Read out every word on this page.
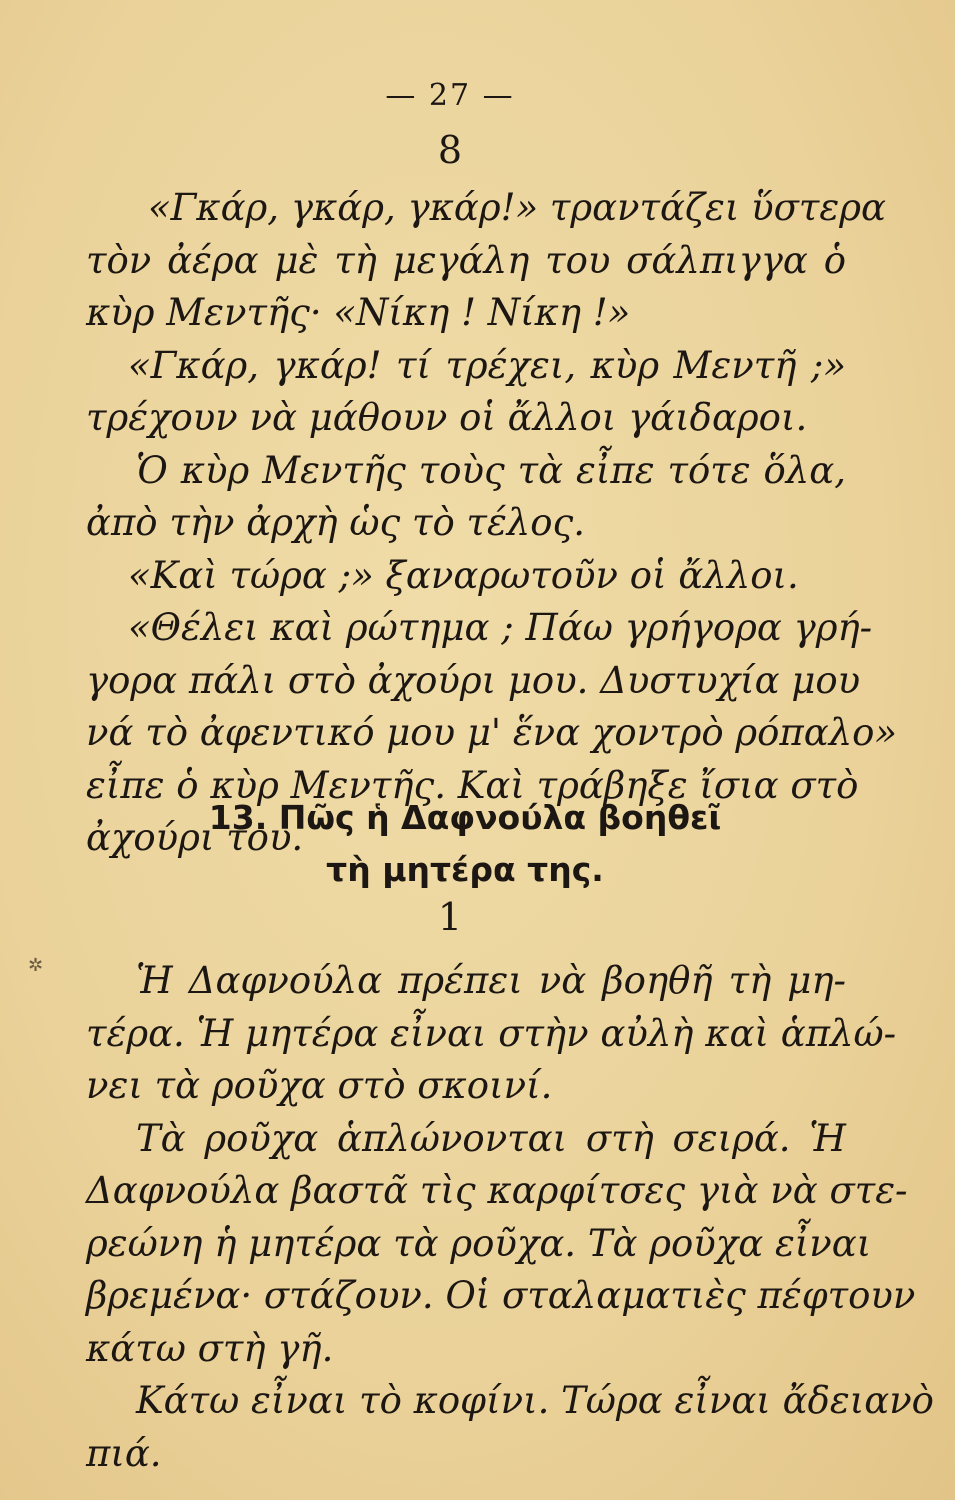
— 27 —
8
«Γκάρ, γκάρ, γκάρ!» τραντάζει ὕστερα
τὸν ἀέρα μὲ τὴ μεγάλη του σάλπιγγα ὁ
κὺρ Μεντῆς· «Νίκη ! Νίκη !»
«Γκάρ, γκάρ! τί τρέχει, κὺρ Μεντῆ ;»
τρέχουν νὰ μάθουν οἱ ἄλλοι γάιδαροι.
Ὁ κὺρ Μεντῆς τοὺς τὰ εἶπε τότε ὅλα,
ἀπὸ τὴν ἀρχὴ ὡς τὸ τέλος.
«Καὶ τώρα ;» ξαναρωτοῦν οἱ ἄλλοι.
«Θέλει καὶ ρώτημα ; Πάω γρήγορα γρή-
γορα πάλι στὸ ἀχούρι μου. Δυστυχία μου
νά τὸ ἀφεντικό μου μ' ἕνα χοντρὸ ρόπαλο»
εἶπε ὁ κὺρ Μεντῆς. Καὶ τράβηξε ἴσια στὸ
ἀχούρι του.
13. Πῶς ἡ Δαφνούλα βοηθεῖ
τὴ μητέρα της.
1
✲	Ἡ Δαφνούλα πρέπει νὰ βοηθῆ τὴ μη-
τέρα. Ἡ μητέρα εἶναι στὴν αὐλὴ καὶ ἁπλώ-
νει τὰ ροῦχα στὸ σκοινί.
Τὰ ροῦχα ἁπλώνονται στὴ σειρά. Ἡ
Δαφνούλα βαστᾶ τὶς καρφίτσες γιὰ νὰ στε-
ρεώνη ἡ μητέρα τὰ ροῦχα. Τὰ ροῦχα εἶναι
βρεμένα· στάζουν. Οἱ σταλαματιὲς πέφτουν
κάτω στὴ γῆ.
Κάτω εἶναι τὸ κοφίνι. Τώρα εἶναι ἄδειανὸ
πιά.
